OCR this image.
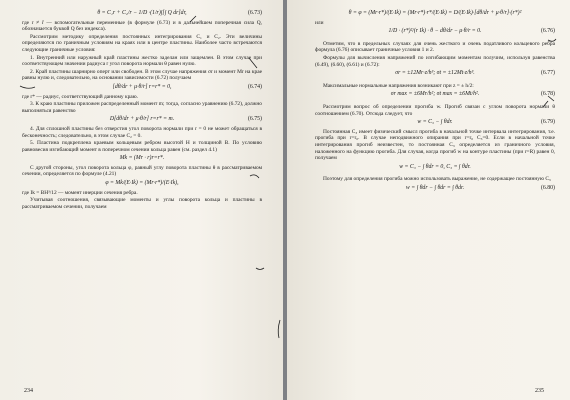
θ = C₁r + C₂/r − 1/D ·(1/r)∫[∫ Q dr]dr,	(6.73)

где r ≠ r̄ — вспомогательные переменные (в формуле (6.73) и в дальнейшем поперечная сила Q, обозначается буквой Q без индекса).

Рассмотрим методику определения постоянных интегрирования C₁ и C₂. Эти величины определяются по граничным условиям на краях или в центре пластины. Наиболее часто встречаются следующие граничные условия:

1. Внутренний или наружный край пластины жестко заделан или защемлен. В этом случае при соответствующем значении радиуса r угол поворота нормали θ равен нулю.

2. Край пластины шарнирно оперт или свободен. В этом случае напряжения σr и момент Mr на крае равны нулю и, следовательно, на основании зависимости (6.72) получаем

[dθ/dr + μ·θ/r] r=r* = 0,	(6.74)

где r* — радиус, соответствующий данному краю.

3. К краю пластины приложен распределенный момент m; тогда, согласно уравнению (6.72), должно выполняться равенство

D[dθ/dr + μ·θ/r] r=r* = m.	(6.75)

4. Для сплошной пластины без отверстия угол поворота нормали при r = 0 не может обращаться в бесконечность; следовательно, в этом случае C₂ = 0.

5. Пластина подкреплена краевым кольцевым ребром высотой H и толщиной B. По условию равновесия изгибающий момент в поперечном сечении кольца равен (см. раздел 4.1)

Mk = (Mr · r)r=r*.

С другой стороны, угол поворота кольца φ, равный углу поворота пластины θ в рассматриваемом сечении, определяется по формуле (4.21)

φ = Mk/(E·Ik) = (Mr·r*)/(E·Ik),

где Ik = BH³/12 — момент инерции сечения ребра.

Учитывая соотношения, связывающие моменты и углы поворота кольца и пластины в рассматриваемом сечении, получаем

234
θ = φ = (Mr·r*)/(E·Ik) = (Mr·r*)·r*/(E·Ik) = D/(E·Ik)·[dθ/dr + μ·θ/r]·(r*)²

или

1/D · (r*)²/(r Ik) · θ − dθ/dr − μ·θ/r = 0.	(6.76)

Отметим, что в предельных случаях для очень жесткого и очень податливого кольцевого ребра формула (6.76) описывает граничные условия 1 и 2.

Формулы для вычисления напряжений по изгибающим моментам получим, используя равенства (6.49), (6.60), (6.61) и (6.72):

σr = ±12Mr·z/h³; σt = ±12Mt·z/h³.	(6.77)

Максимальные нормальные напряжения возникают при z = ± h/2:

σr max = ±6Mr/h²; σt max = ±6Mt/h².	(6.78)

Рассмотрим вопрос об определении прогиба w. Прогиб связан с углом поворота нормали θ соотношением (6.70). Отсюда следует, что

w = C₃ − ∫ θdr.	(6.79)

Постоянная C₃ имеет физический смысл прогиба в начальной точке интервала интегрирования, т.е. прогиба при r=r₀. В случае неподвижного опирания при r=r₀ C₃=0. Если в начальной точке интегрирования прогиб неизвестен, то постоянная C₃ определяется из граничного условия, наложенного на функцию прогиба. Для случая, когда прогиб w на контуре пластины (при r=R) равен 0, получаем

w = C₃ − ∫ θdr = 0, C₃ = ∫ θdr.

Поэтому для определения прогиба можно использовать выражение, не содержащее постоянную C₃

w = ∫ θdr − ∫ θdr = ∫ θdr.	(6.80)
235
